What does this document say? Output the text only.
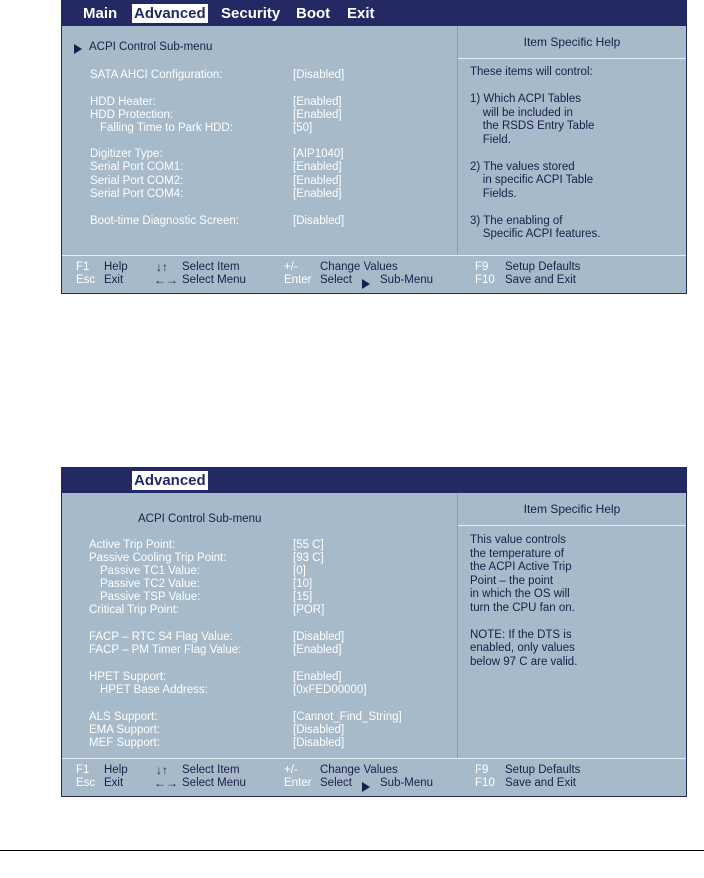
Main Advanced Security Boot Exit
ACPI Control Sub-menu
SATA AHCI Configuration:	[Disabled]
HDD Heater:	[Enabled]
HDD Protection:	[Enabled]
Falling Time to Park HDD:	[50]
Digitizer Type:	[AIP1040]
Serial Port COM1:	[Enabled]
Serial Port COM2:	[Enabled]
Serial Port COM4:	[Enabled]
Boot-time Diagnostic Screen:	[Disabled]
Item Specific Help
These items will control:

1) Which ACPI Tables
will be included in
the RSDS Entry Table
Field.

2) The values stored
in specific ACPI Table
Fields.

3) The enabling of
Specific ACPI features.
F1 Help
Esc Exit
↓↑ Select Item
←→ Select Menu
+/- Change Values
Enter Select Sub-Menu
F9 Setup Defaults
F10 Save and Exit
Advanced
ACPI Control Sub-menu
Active Trip Point:	[55 C]
Passive Cooling Trip Point:	[93 C]
Passive TC1 Value:	[0]
Passive TC2 Value:	[10]
Passive TSP Value:	[15]
Critical Trip Point:	[POR]
FACP – RTC S4 Flag Value:	[Disabled]
FACP – PM Timer Flag Value:	[Enabled]
HPET Support:	[Enabled]
HPET Base Address:	[0xFED00000]
ALS Support:	[Cannot_Find_String]
EMA Support:	[Disabled]
MEF Support:	[Disabled]
Item Specific Help
This value controls
the temperature of
the ACPI Active Trip
Point – the point
in which the OS will
turn the CPU fan on.

NOTE: If the DTS is
enabled, only values
below 97 C are valid.
F1 Help
Esc Exit
↓↑ Select Item
←→ Select Menu
+/- Change Values
Enter Select Sub-Menu
F9 Setup Defaults
F10 Save and Exit
